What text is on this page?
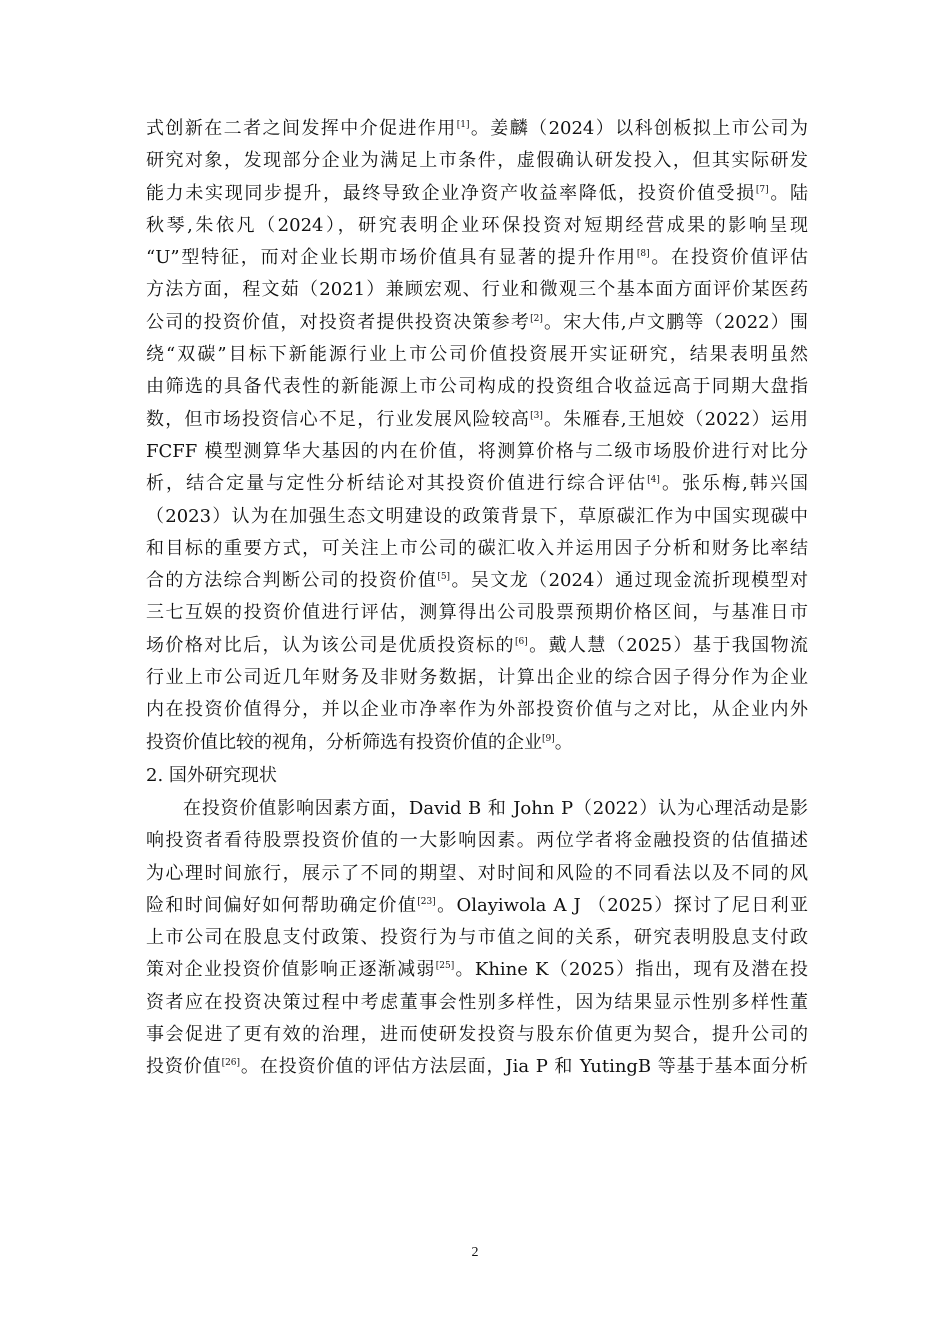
式创新在二者之间发挥中介促进作用[1]。姜麟（2024）以科创板拟上市公司为
研究对象，发现部分企业为满足上市条件，虚假确认研发投入，但其实际研发
能力未实现同步提升，最终导致企业净资产收益率降低，投资价值受损[7]。陆
秋琴,朱依凡（2024），研究表明企业环保投资对短期经营成果的影响呈现
“U”型特征，而对企业长期市场价值具有显著的提升作用[8]。在投资价值评估
方法方面，程文茹（2021）兼顾宏观、行业和微观三个基本面方面评价某医药
公司的投资价值，对投资者提供投资决策参考[2]。宋大伟,卢文鹏等（2022）围
绕“双碳”目标下新能源行业上市公司价值投资展开实证研究，结果表明虽然
由筛选的具备代表性的新能源上市公司构成的投资组合收益远高于同期大盘指
数，但市场投资信心不足，行业发展风险较高[3]。朱雁春,王旭姣（2022）运用
FCFF 模型测算华大基因的内在价值，将测算价格与二级市场股价进行对比分
析，结合定量与定性分析结论对其投资价值进行综合评估[4]。张乐梅,韩兴国
（2023）认为在加强生态文明建设的政策背景下，草原碳汇作为中国实现碳中
和目标的重要方式，可关注上市公司的碳汇收入并运用因子分析和财务比率结
合的方法综合判断公司的投资价值[5]。吴文龙（2024）通过现金流折现模型对
三七互娱的投资价值进行评估，测算得出公司股票预期价格区间，与基准日市
场价格对比后，认为该公司是优质投资标的[6]。戴人慧（2025）基于我国物流
行业上市公司近几年财务及非财务数据，计算出企业的综合因子得分作为企业
内在投资价值得分，并以企业市净率作为外部投资价值与之对比，从企业内外
投资价值比较的视角，分析筛选有投资价值的企业[9]。
2. 国外研究现状
在投资价值影响因素方面，David B 和 John P（2022）认为心理活动是影
响投资者看待股票投资价值的一大影响因素。两位学者将金融投资的估值描述
为心理时间旅行，展示了不同的期望、对时间和风险的不同看法以及不同的风
险和时间偏好如何帮助确定价值[23]。Olayiwola A J （2025）探讨了尼日利亚
上市公司在股息支付政策、投资行为与市值之间的关系，研究表明股息支付政
策对企业投资价值影响正逐渐减弱[25]。Khine K（2025）指出，现有及潜在投
资者应在投资决策过程中考虑董事会性别多样性，因为结果显示性别多样性董
事会促进了更有效的治理，进而使研发投资与股东价值更为契合，提升公司的
投资价值[26]。在投资价值的评估方法层面，Jia P 和 YutingB 等基于基本面分析
2
